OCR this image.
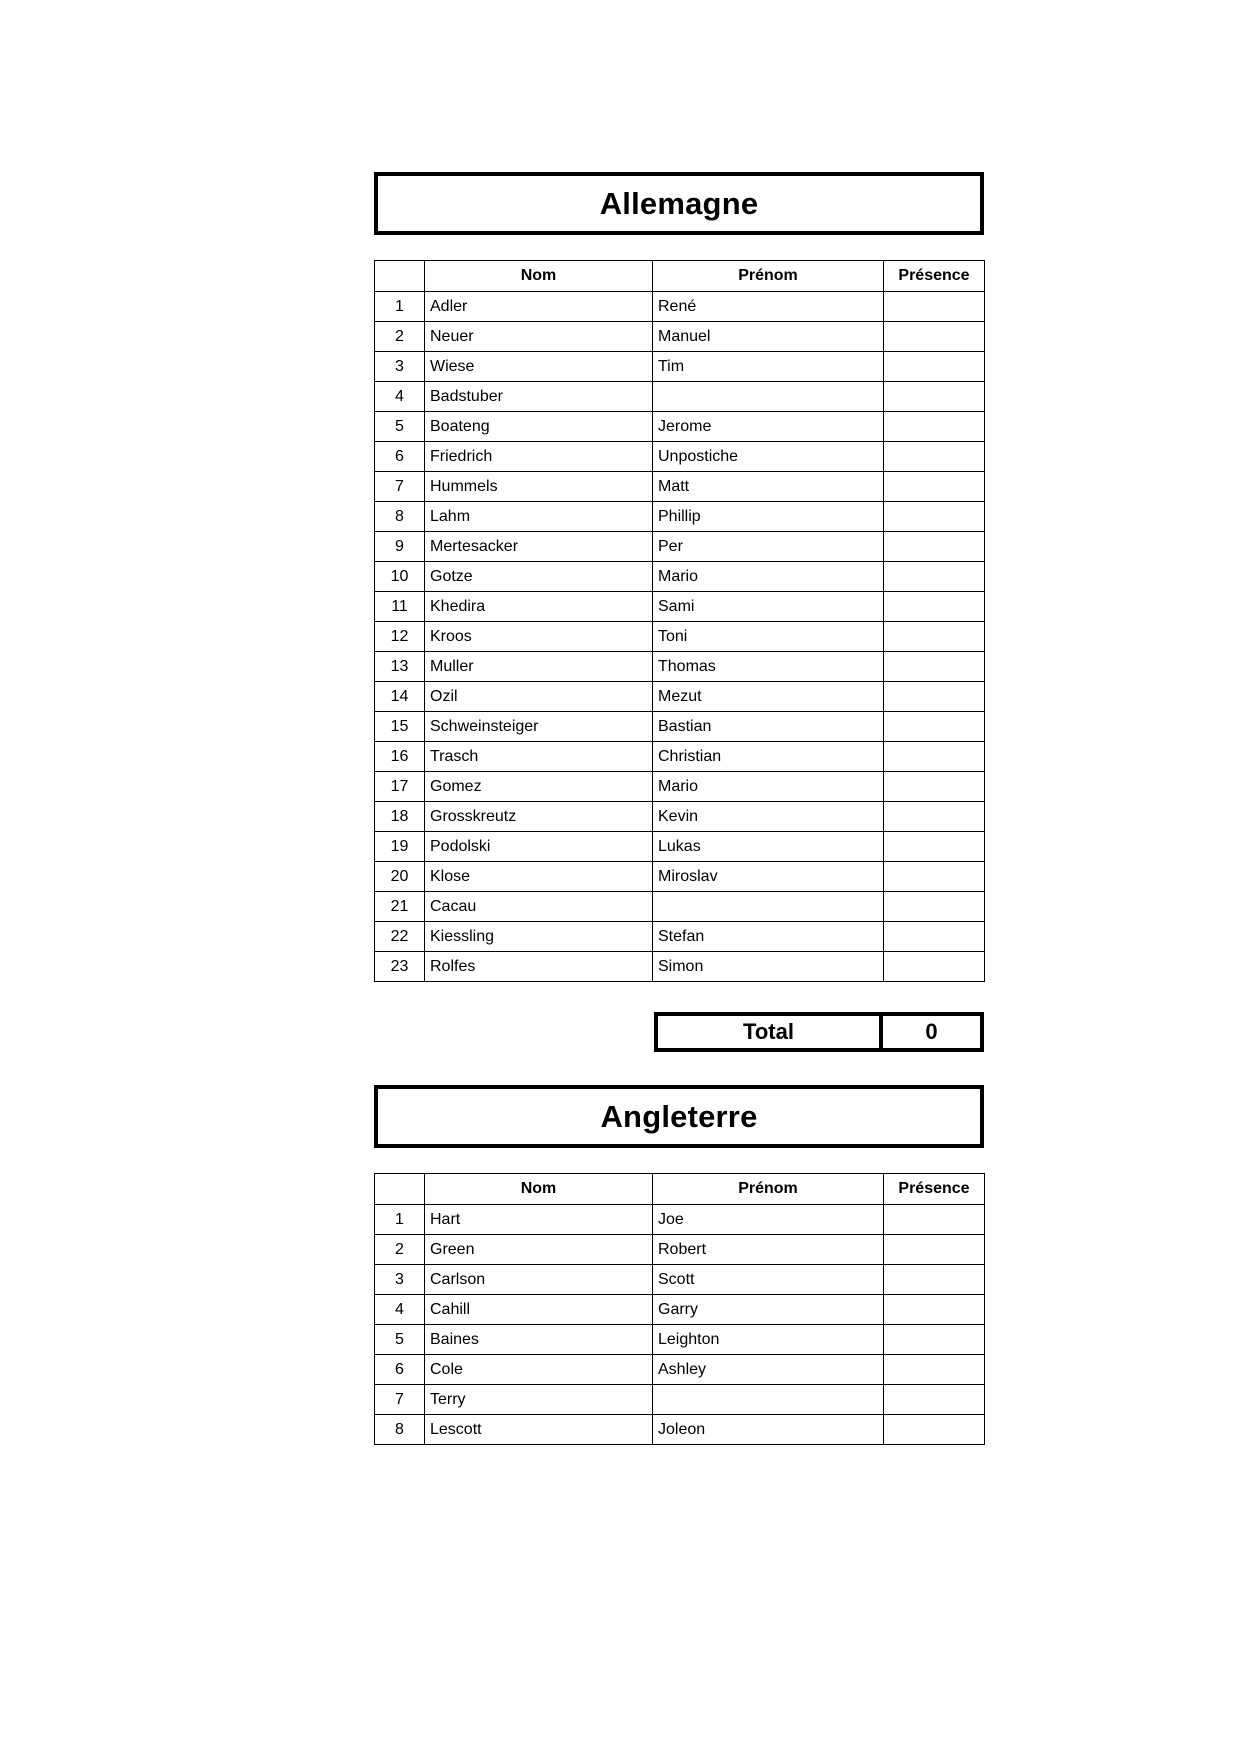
Allemagne
	Nom	Prénom	Présence
1	Adler	René	
2	Neuer	Manuel	
3	Wiese	Tim	
4	Badstuber		
5	Boateng	Jerome	
6	Friedrich	Unpostiche	
7	Hummels	Matt	
8	Lahm	Phillip	
9	Mertesacker	Per	
10	Gotze	Mario	
11	Khedira	Sami	
12	Kroos	Toni	
13	Muller	Thomas	
14	Ozil	Mezut	
15	Schweinsteiger	Bastian	
16	Trasch	Christian	
17	Gomez	Mario	
18	Grosskreutz	Kevin	
19	Podolski	Lukas	
20	Klose	Miroslav	
21	Cacau		
22	Kiessling	Stefan	
23	Rolfes	Simon	
Total	0
Angleterre
	Nom	Prénom	Présence
1	Hart	Joe	
2	Green	Robert	
3	Carlson	Scott	
4	Cahill	Garry	
5	Baines	Leighton	
6	Cole	Ashley	
7	Terry		
8	Lescott	Joleon	
